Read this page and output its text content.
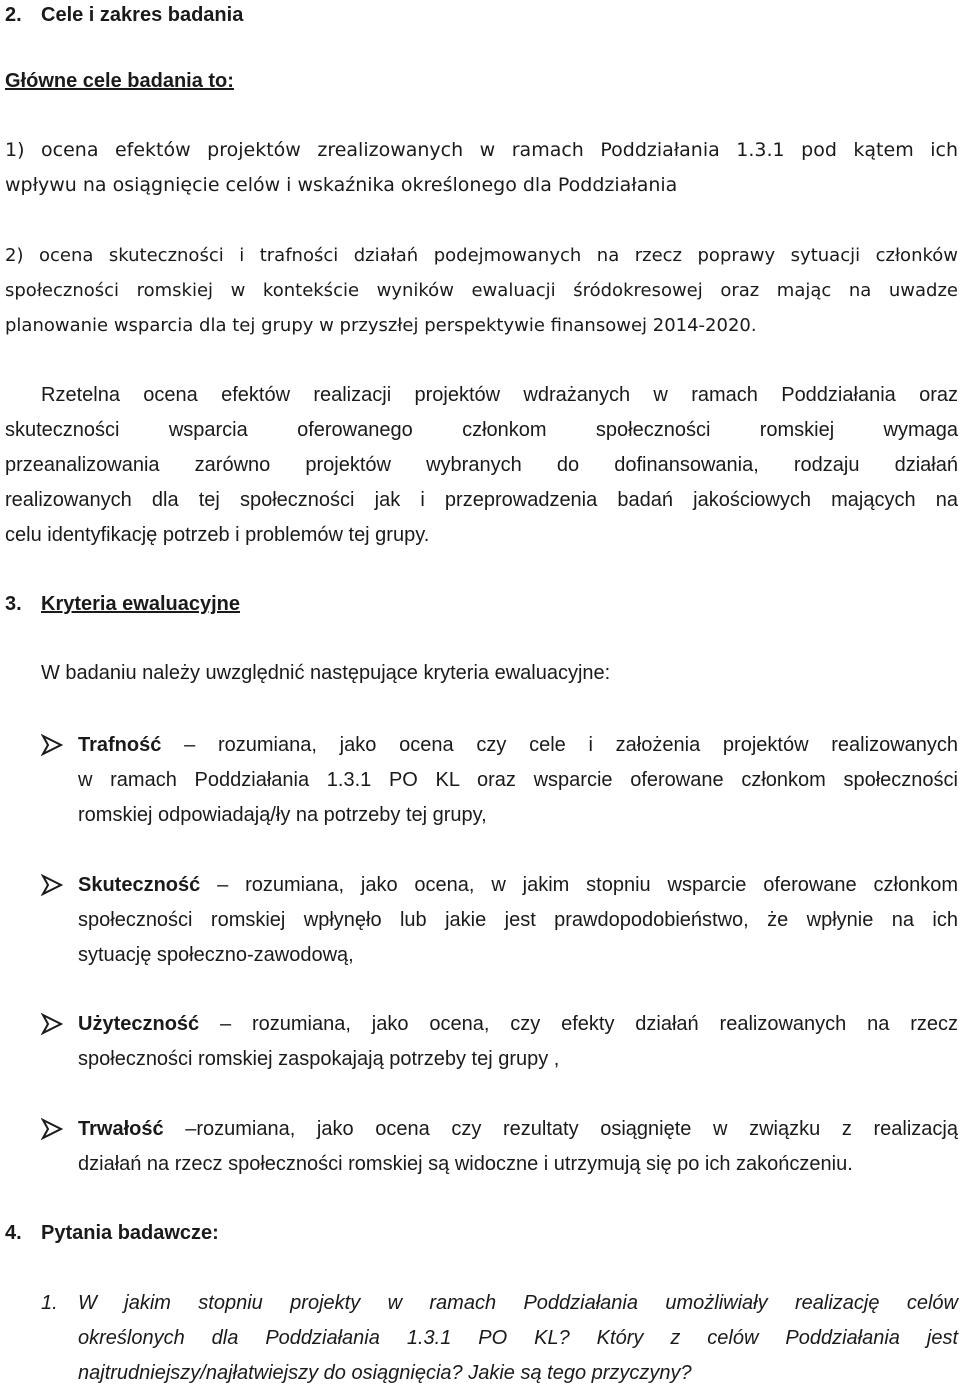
2. Cele i zakres badania
Główne cele badania to:
1) ocena efektów projektów zrealizowanych w ramach Poddziałania 1.3.1 pod kątem ich
wpływu na osiągnięcie celów i wskaźnika określonego dla Poddziałania
2) ocena skuteczności i trafności działań podejmowanych na rzecz poprawy sytuacji członków
społeczności romskiej w kontekście wyników ewaluacji śródokresowej oraz mając na uwadze
planowanie wsparcia dla tej grupy w przyszłej perspektywie finansowej 2014-2020.
Rzetelna ocena efektów realizacji projektów wdrażanych w ramach Poddziałania oraz
skuteczności wsparcia oferowanego członkom społeczności romskiej wymaga
przeanalizowania zarówno projektów wybranych do dofinansowania, rodzaju działań
realizowanych dla tej społeczności jak i przeprowadzenia badań jakościowych mających na
celu identyfikację potrzeb i problemów tej grupy.
3. Kryteria ewaluacyjne
W badaniu należy uwzględnić następujące kryteria ewaluacyjne:
Trafność – rozumiana, jako ocena czy cele i założenia projektów realizowanych
w ramach Poddziałania 1.3.1 PO KL oraz wsparcie oferowane członkom społeczności
romskiej odpowiadają/ły na potrzeby tej grupy,
Skuteczność – rozumiana, jako ocena, w jakim stopniu wsparcie oferowane członkom
społeczności romskiej wpłynęło lub jakie jest prawdopodobieństwo, że wpłynie na ich
sytuację społeczno-zawodową,
Użyteczność – rozumiana, jako ocena, czy efekty działań realizowanych na rzecz
społeczności romskiej zaspokajają potrzeby tej grupy ,
Trwałość –rozumiana, jako ocena czy rezultaty osiągnięte w związku z realizacją
działań na rzecz społeczności romskiej są widoczne i utrzymują się po ich zakończeniu.
4. Pytania badawcze:
1. W jakim stopniu projekty w ramach Poddziałania umożliwiały realizację celów
określonych dla Poddziałania 1.3.1 PO KL? Który z celów Poddziałania jest
najtrudniejszy/najłatwiejszy do osiągnięcia? Jakie są tego przyczyny?
